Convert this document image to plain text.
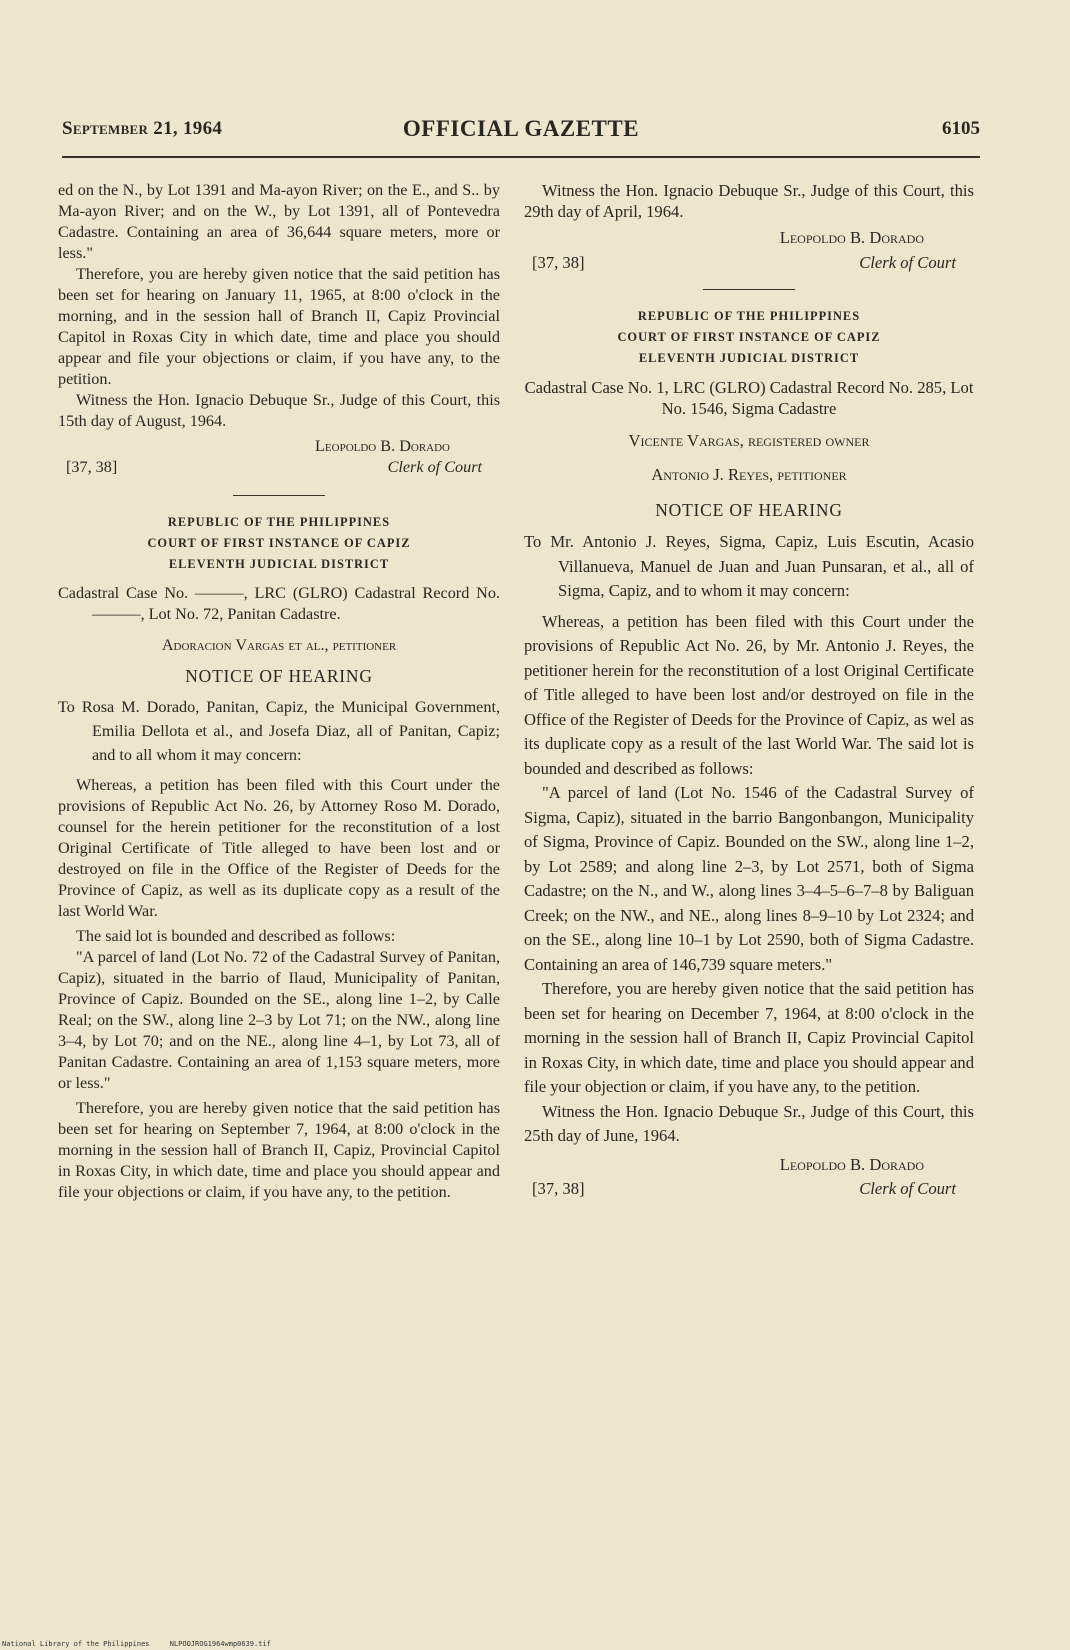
September 21, 1964	OFFICIAL GAZETTE	6105

ed on the N., by Lot 1391 and Ma-ayon River; on the E., and S.. by Ma-ayon River; and on the W., by Lot 1391, all of Pontevedra Cadastre. Containing an area of 36,644 square meters, more or less."

Therefore, you are hereby given notice that the said petition has been set for hearing on January 11, 1965, at 8:00 o'clock in the morning, and in the session hall of Branch II, Capiz Provincial Capitol in Roxas City in which date, time and place you should appear and file your objections or claim, if you have any, to the petition.

Witness the Hon. Ignacio Debuque Sr., Judge of this Court, this 15th day of August, 1964.

Leopoldo B. Dorado
[37, 38]	Clerk of Court
REPUBLIC OF THE PHILIPPINES
COURT OF FIRST INSTANCE OF CAPIZ
ELEVENTH JUDICIAL DISTRICT

Cadastral Case No. ———, LRC (GLRO) Cadastral Record No. ———, Lot No. 72, Panitan Cadastre.

Adoracion Vargas et al., petitioner
NOTICE OF HEARING

To Rosa M. Dorado, Panitan, Capiz, the Municipal Government, Emilia Dellota et al., and Josefa Diaz, all of Panitan, Capiz; and to all whom it may concern:

Whereas, a petition has been filed with this Court under the provisions of Republic Act No. 26, by Attorney Roso M. Dorado, counsel for the herein petitioner for the reconstitution of a lost Original Certificate of Title alleged to have been lost and or destroyed on file in the Office of the Register of Deeds for the Province of Capiz, as well as its duplicate copy as a result of the last World War.

The said lot is bounded and described as follows:

"A parcel of land (Lot No. 72 of the Cadastral Survey of Panitan, Capiz), situated in the barrio of Ilaud, Municipality of Panitan, Province of Capiz. Bounded on the SE., along line 1–2, by Calle Real; on the SW., along line 2–3 by Lot 71; on the NW., along line 3–4, by Lot 70; and on the NE., along line 4–1, by Lot 73, all of Panitan Cadastre. Containing an area of 1,153 square meters, more or less."

Therefore, you are hereby given notice that the said petition has been set for hearing on September 7, 1964, at 8:00 o'clock in the morning in the session hall of Branch II, Capiz, Provincial Capitol in Roxas City, in which date, time and place you should appear and file your objections or claim, if you have any, to the petition.

Witness the Hon. Ignacio Debuque Sr., Judge of this Court, this 29th day of April, 1964.

Leopoldo B. Dorado
[37, 38]	Clerk of Court
REPUBLIC OF THE PHILIPPINES
COURT OF FIRST INSTANCE OF CAPIZ
ELEVENTH JUDICIAL DISTRICT

Cadastral Case No. 1, LRC (GLRO) Cadastral Record No. 285, Lot No. 1546, Sigma Cadastre

Vicente Vargas, registered owner
Antonio J. Reyes, petitioner
NOTICE OF HEARING

To Mr. Antonio J. Reyes, Sigma, Capiz, Luis Escutin, Acasio Villanueva, Manuel de Juan and Juan Punsaran, et al., all of Sigma, Capiz, and to whom it may concern:

Whereas, a petition has been filed with this Court under the provisions of Republic Act No. 26, by Mr. Antonio J. Reyes, the petitioner herein for the reconstitution of a lost Original Certificate of Title alleged to have been lost and/or destroyed on file in the Office of the Register of Deeds for the Province of Capiz, as wel as its duplicate copy as a result of the last World War. The said lot is bounded and described as follows:

"A parcel of land (Lot No. 1546 of the Cadastral Survey of Sigma, Capiz), situated in the barrio Bangonbangon, Municipality of Sigma, Province of Capiz. Bounded on the SW., along line 1–2, by Lot 2589; and along line 2–3, by Lot 2571, both of Sigma Cadastre; on the N., and W., along lines 3–4–5–6–7–8 by Baliguan Creek; on the NW., and NE., along lines 8–9–10 by Lot 2324; and on the SE., along line 10–1 by Lot 2590, both of Sigma Cadastre. Containing an area of 146,739 square meters."

Therefore, you are hereby given notice that the said petition has been set for hearing on December 7, 1964, at 8:00 o'clock in the morning in the session hall of Branch II, Capiz Provincial Capitol in Roxas City, in which date, time and place you should appear and file your objection or claim, if you have any, to the petition.

Witness the Hon. Ignacio Debuque Sr., Judge of this Court, this 25th day of June, 1964.

Leopoldo B. Dorado
[37, 38]	Clerk of Court
National Library of the Philippines	NLPOOJROG1964wmp0639.tif
